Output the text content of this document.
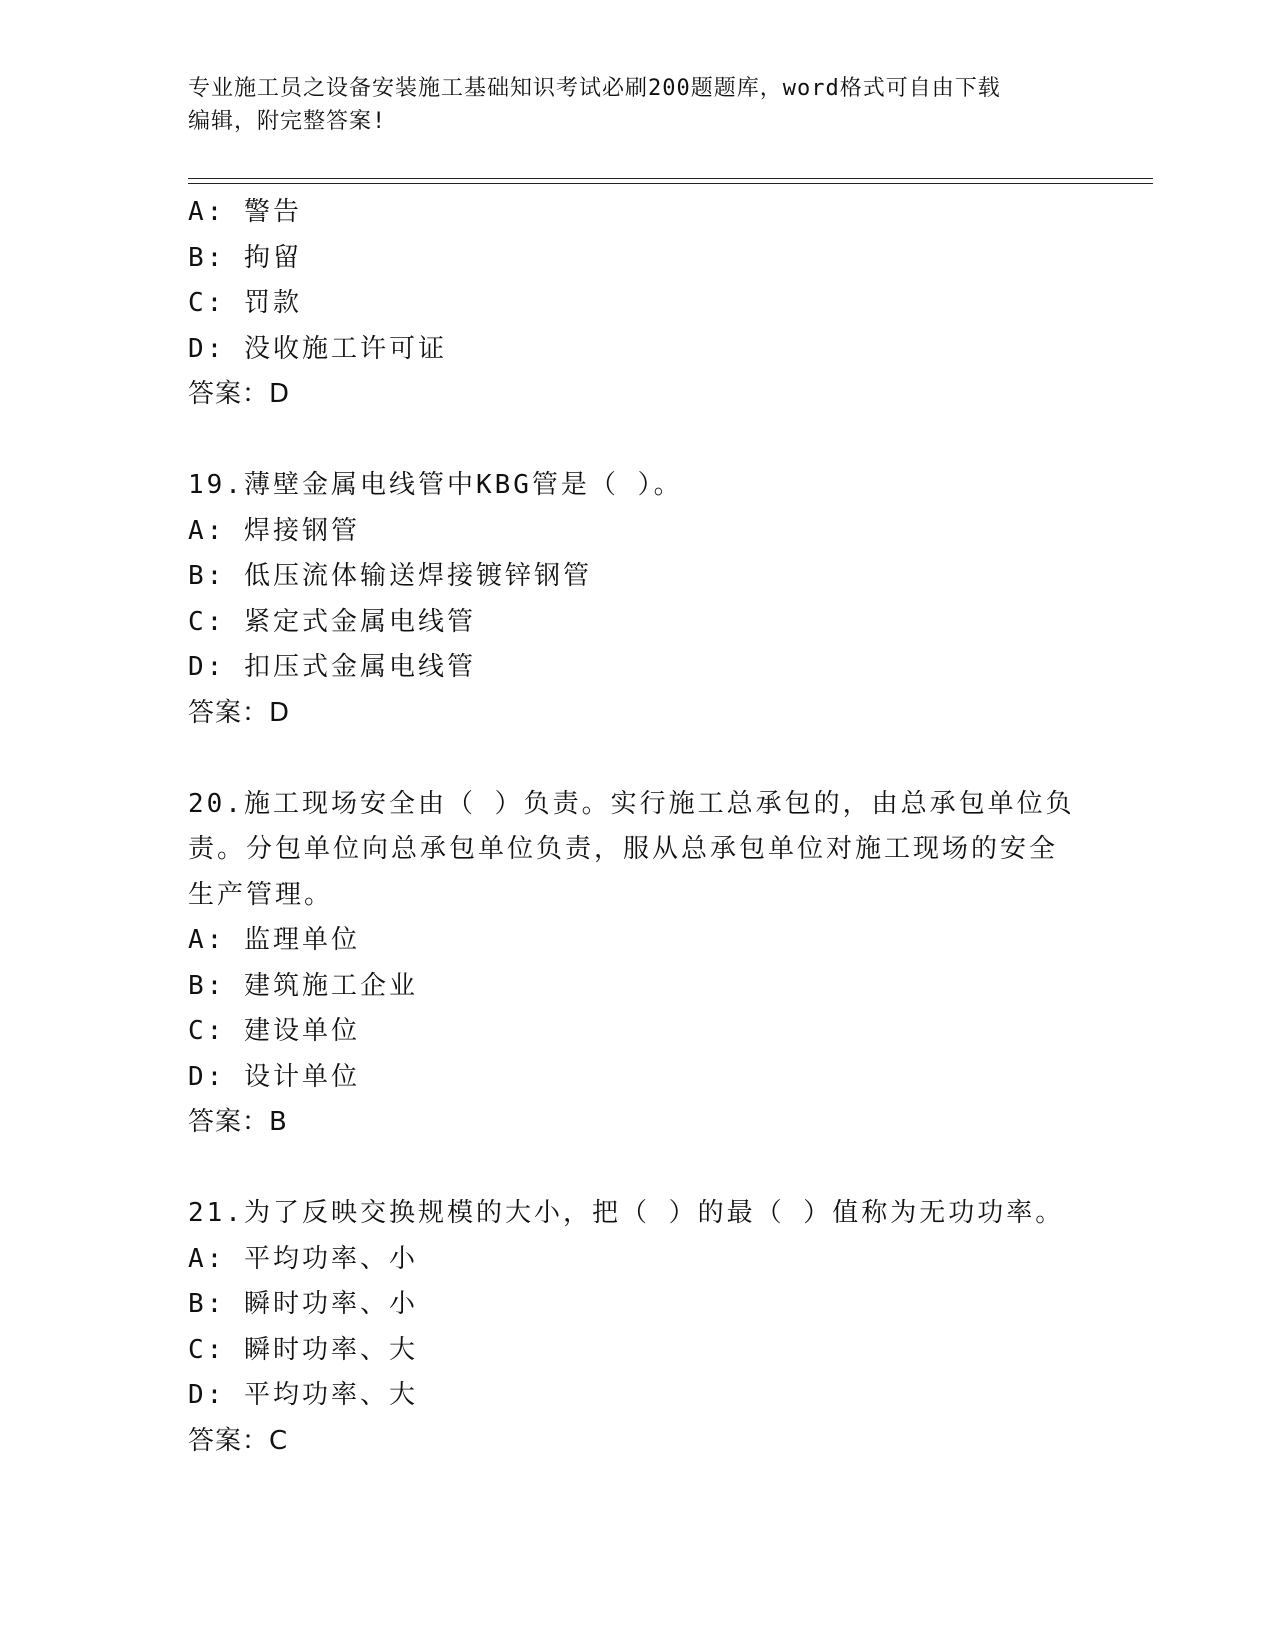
专业施工员之设备安装施工基础知识考试必刷200题题库，word格式可自由下载
编辑，附完整答案!
A: 警告
B: 拘留
C: 罚款
D: 没收施工许可证
答案：D
19.薄壁金属电线管中KBG管是（ ）。
A: 焊接钢管
B: 低压流体输送焊接镀锌钢管
C: 紧定式金属电线管
D: 扣压式金属电线管
答案：D
20.施工现场安全由（ ）负责。实行施工总承包的，由总承包单位负
责。分包单位向总承包单位负责，服从总承包单位对施工现场的安全
生产管理。
A: 监理单位
B: 建筑施工企业
C: 建设单位
D: 设计单位
答案：B
21.为了反映交换规模的大小，把（ ）的最（ ）值称为无功功率。
A: 平均功率、小
B: 瞬时功率、小
C: 瞬时功率、大
D: 平均功率、大
答案：C
